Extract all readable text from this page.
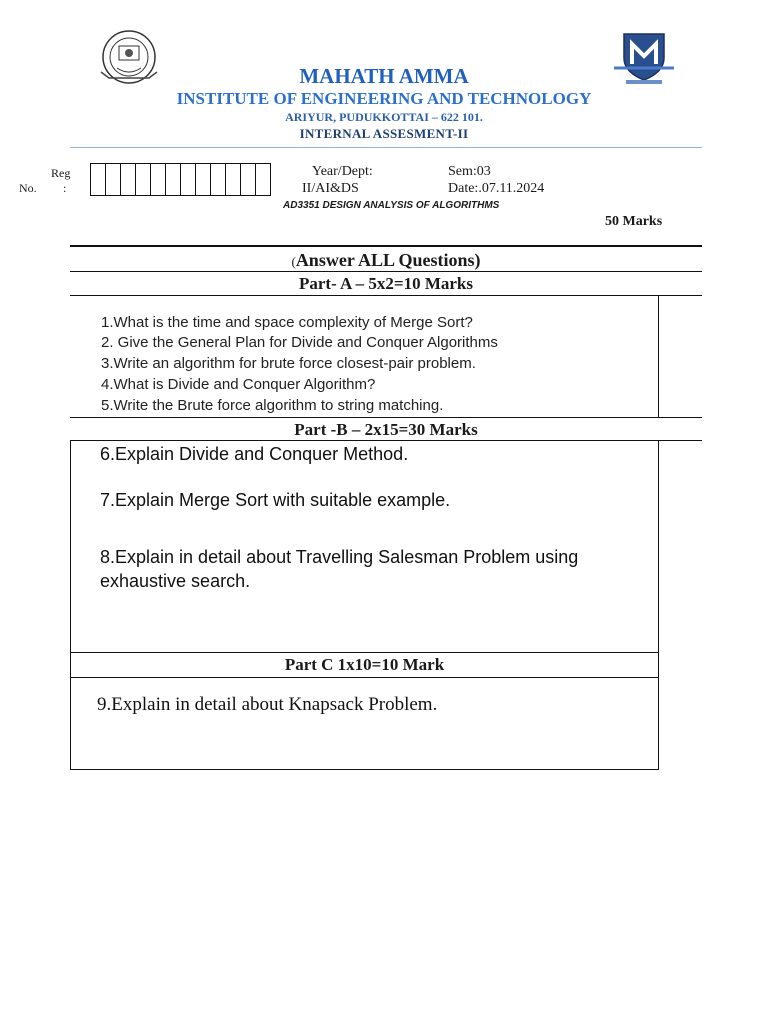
MAHATH AMMA
INSTITUTE OF ENGINEERING AND TECHNOLOGY
ARIYUR, PUDUKKOTTAI – 622 101.
INTERNAL ASSESMENT-II
Reg
No. :
Year/Dept:
II/AI&DS
Sem:03
Date:.07.11.2024
AD3351 DESIGN ANALYSIS OF ALGORITHMS
50 Marks
(Answer ALL Questions)
Part- A – 5x2=10 Marks
1.What is the time and space complexity of Merge Sort?
2. Give the General Plan for Divide and Conquer Algorithms
3.Write an algorithm for brute force closest-pair problem.
4.What is Divide and Conquer Algorithm?
5.Write the Brute force algorithm to string matching.
Part -B – 2x15=30 Marks
6.Explain Divide and Conquer Method.
7.Explain Merge Sort with suitable example.
8.Explain in detail about Travelling Salesman Problem using exhaustive search.
Part C 1x10=10 Mark
9.Explain in detail about Knapsack Problem.
